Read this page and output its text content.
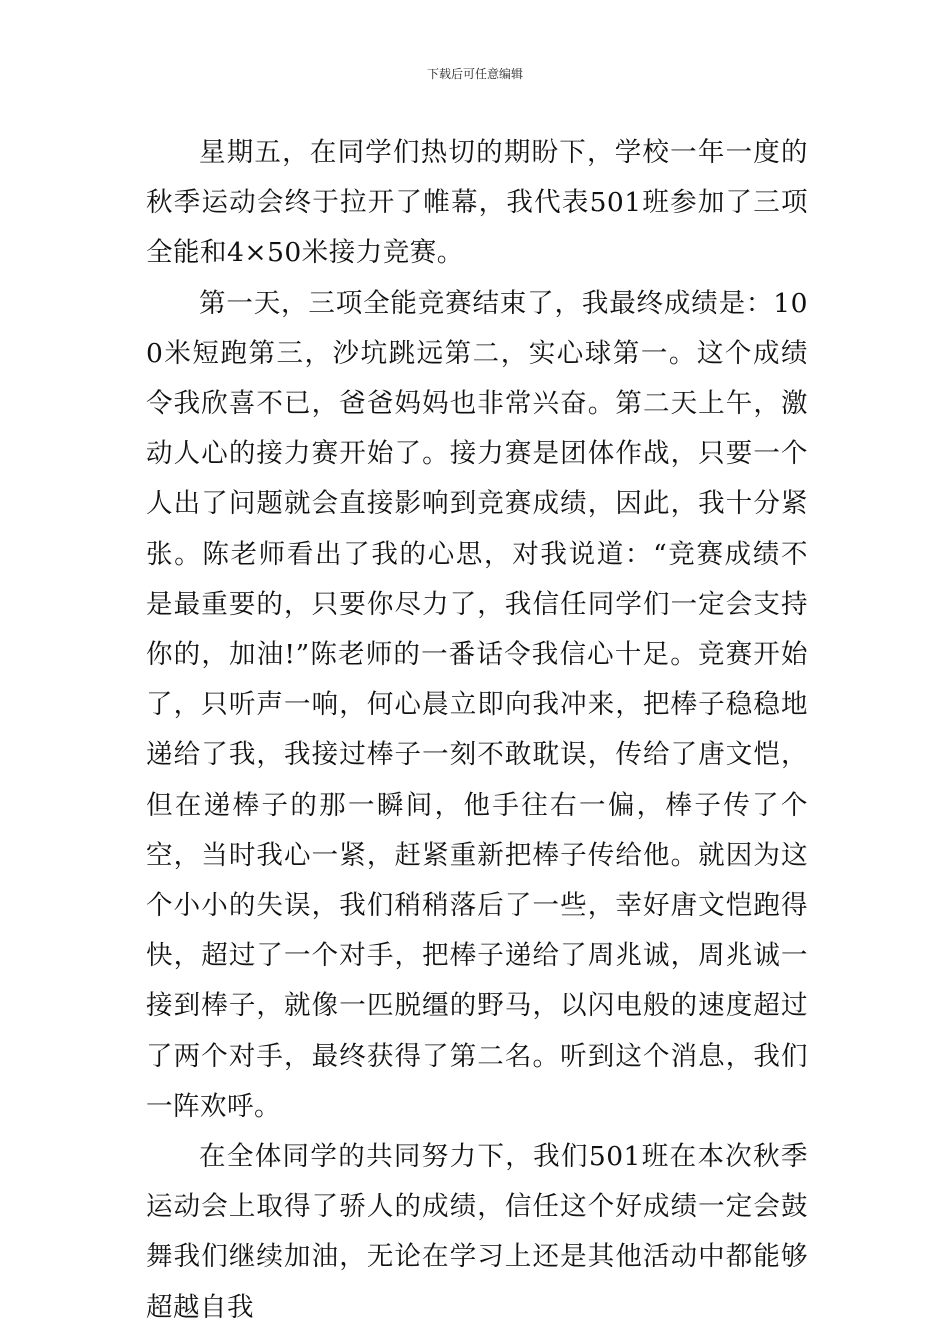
下载后可任意编辑

星期五，在同学们热切的期盼下，学校一年一度的秋季运动会终于拉开了帷幕，我代表501班参加了三项全能和4×50米接力竞赛。

第一天，三项全能竞赛结束了，我最终成绩是：100米短跑第三，沙坑跳远第二，实心球第一。这个成绩令我欣喜不已，爸爸妈妈也非常兴奋。第二天上午，激动人心的接力赛开始了。接力赛是团体作战，只要一个人出了问题就会直接影响到竞赛成绩，因此，我十分紧张。陈老师看出了我的心思，对我说道：“竞赛成绩不是最重要的，只要你尽力了，我信任同学们一定会支持你的，加油!”陈老师的一番话令我信心十足。竞赛开始了，只听声一响，何心晨立即向我冲来，把棒子稳稳地递给了我，我接过棒子一刻不敢耽误，传给了唐文恺，但在递棒子的那一瞬间，他手往右一偏，棒子传了个空，当时我心一紧，赶紧重新把棒子传给他。就因为这个小小的失误，我们稍稍落后了一些，幸好唐文恺跑得快，超过了一个对手，把棒子递给了周兆诚，周兆诚一接到棒子，就像一匹脱缰的野马，以闪电般的速度超过了两个对手，最终获得了第二名。听到这个消息，我们一阵欢呼。

在全体同学的共同努力下，我们501班在本次秋季运动会上取得了骄人的成绩，信任这个好成绩一定会鼓舞我们继续加油，无论在学习上还是其他活动中都能够超越自我
